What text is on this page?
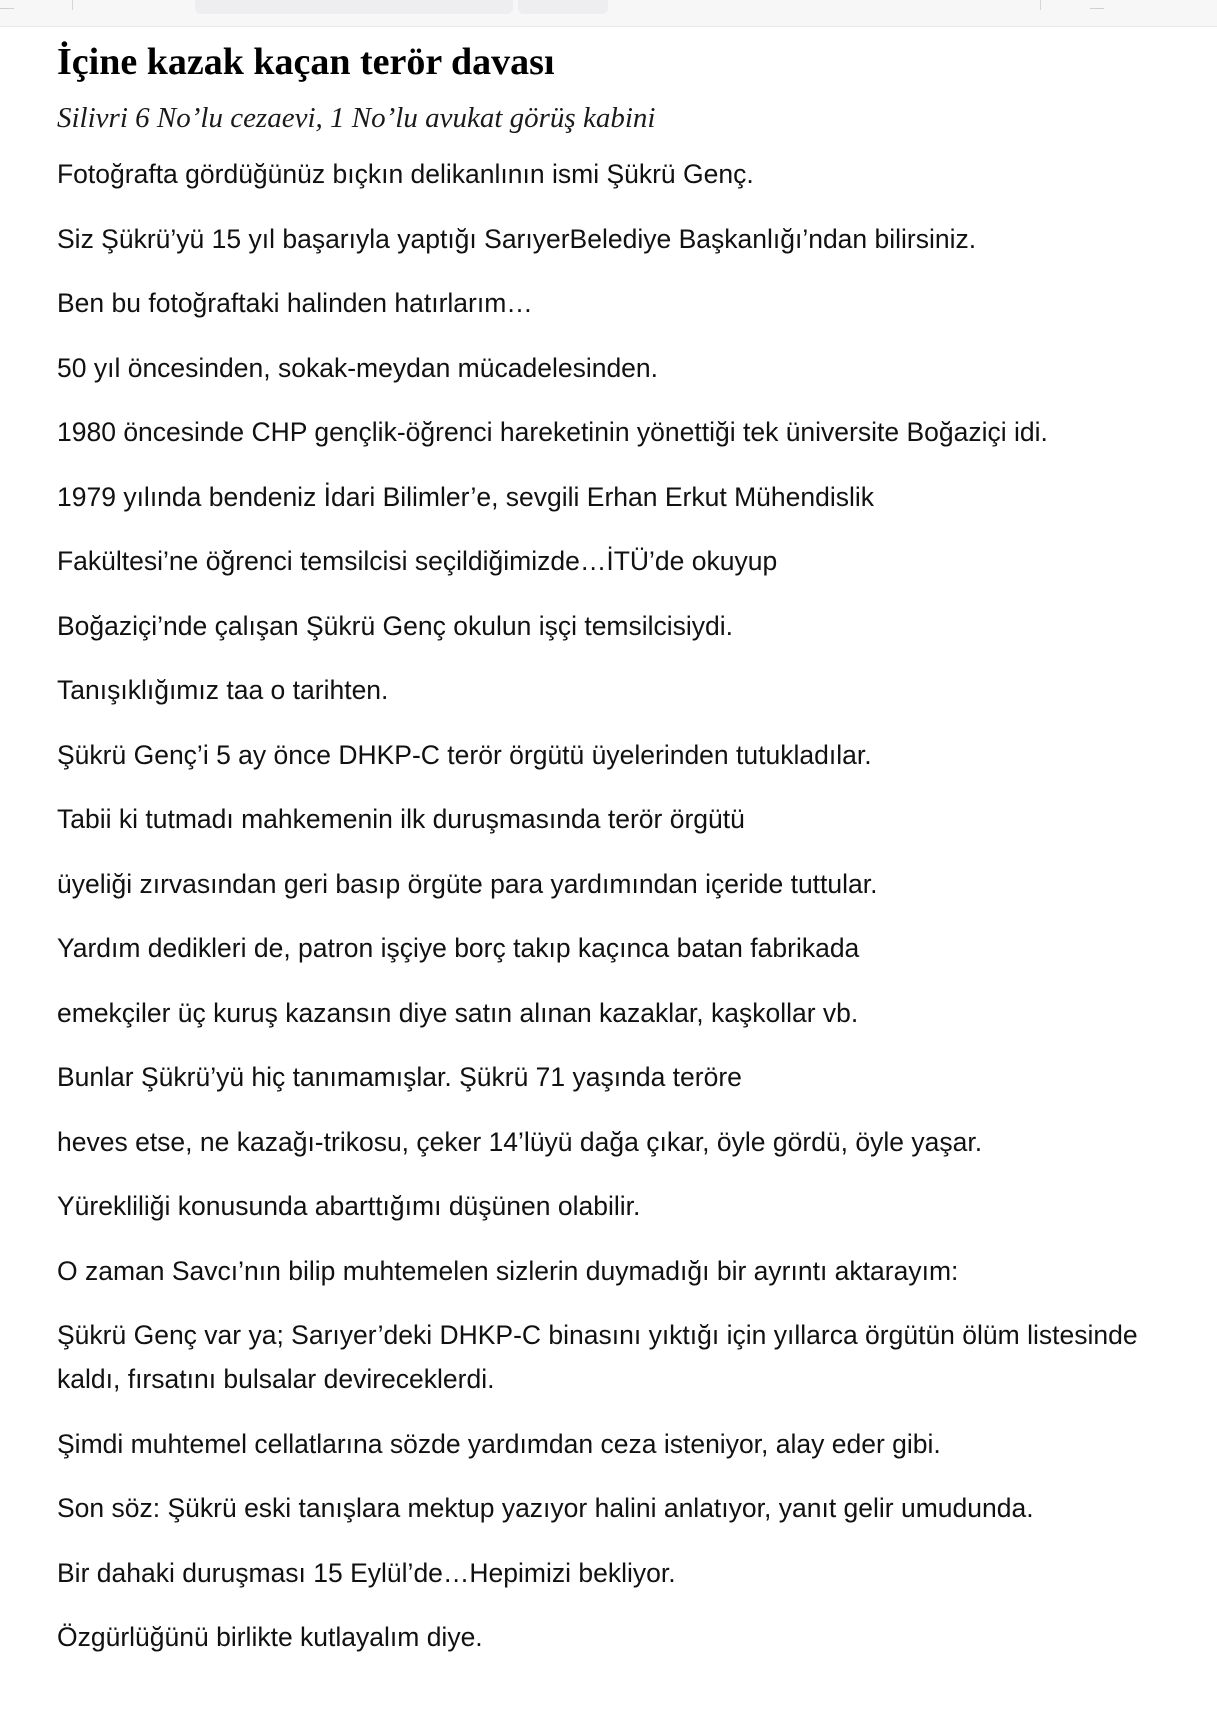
İçine kazak kaçan terör davası

Silivri 6 No’lu cezaevi, 1 No’lu avukat görüş kabini

Fotoğrafta gördüğünüz bıçkın delikanlının ismi Şükrü Genç.

Siz Şükrü’yü 15 yıl başarıyla yaptığı SarıyerBelediye Başkanlığı’ndan bilirsiniz.

Ben bu fotoğraftaki halinden hatırlarım…

50 yıl öncesinden, sokak-meydan mücadelesinden.

1980 öncesinde CHP gençlik-öğrenci hareketinin yönettiği tek üniversite Boğaziçi idi.

1979 yılında bendeniz İdari Bilimler’e, sevgili Erhan Erkut Mühendislik

Fakültesi’ne öğrenci temsilcisi seçildiğimizde…İTÜ’de okuyup

Boğaziçi’nde çalışan Şükrü Genç okulun işçi temsilcisiydi.

Tanışıklığımız taa o tarihten.

Şükrü Genç’i 5 ay önce DHKP-C terör örgütü üyelerinden tutukladılar.

Tabii ki tutmadı mahkemenin ilk duruşmasında terör örgütü

üyeliği zırvasından geri basıp örgüte para yardımından içeride tuttular.

Yardım dedikleri de, patron işçiye borç takıp kaçınca batan fabrikada

emekçiler üç kuruş kazansın diye satın alınan kazaklar, kaşkollar vb.

Bunlar Şükrü’yü hiç tanımamışlar. Şükrü 71 yaşında teröre

heves etse, ne kazağı-trikosu, çeker 14’lüyü dağa çıkar, öyle gördü, öyle yaşar.

Yürekliliği konusunda abarttığımı düşünen olabilir.

O zaman Savcı’nın bilip muhtemelen sizlerin duymadığı bir ayrıntı aktarayım:

Şükrü Genç var ya; Sarıyer’deki DHKP-C binasını yıktığı için yıllarca örgütün ölüm listesinde kaldı, fırsatını bulsalar devireceklerdi.

Şimdi muhtemel cellatlarına sözde yardımdan ceza isteniyor, alay eder gibi.

Son söz: Şükrü eski tanışlara mektup yazıyor halini anlatıyor, yanıt gelir umudunda.

Bir dahaki duruşması 15 Eylül’de…Hepimizi bekliyor.

Özgürlüğünü birlikte kutlayalım diye.
